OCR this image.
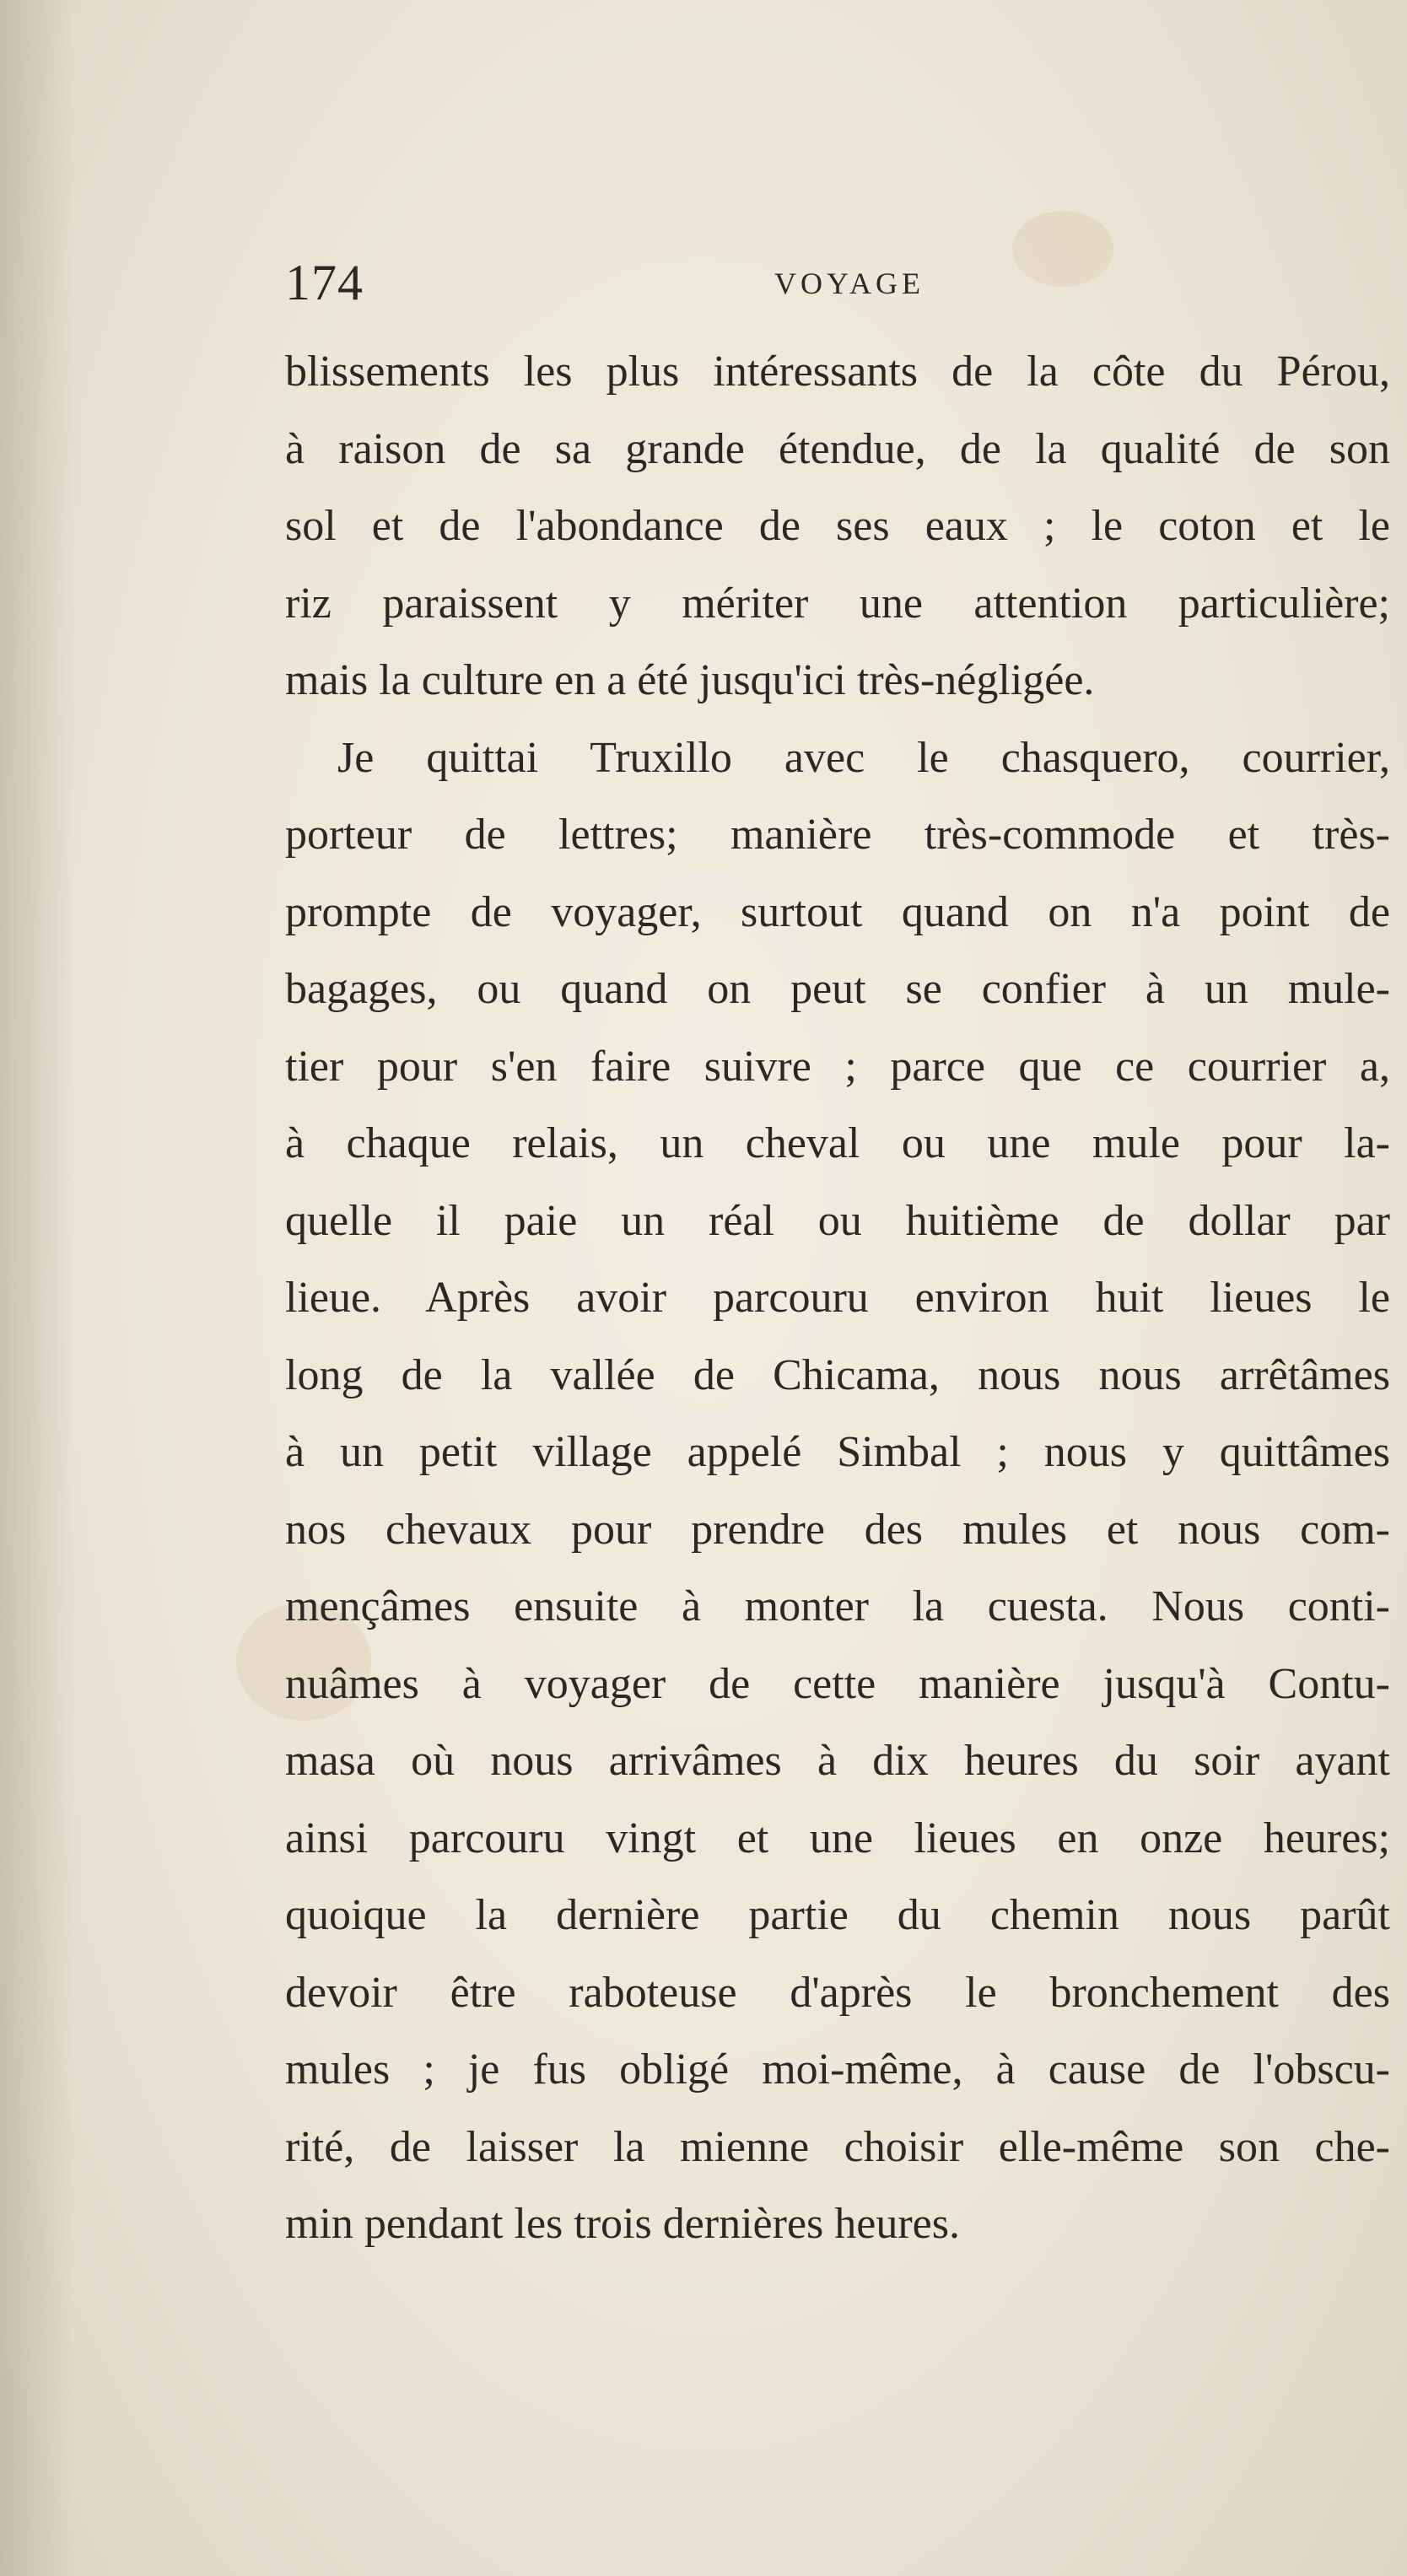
174	VOYAGE
blissements les plus intéressants de la côte du Pérou,
à raison de sa grande étendue, de la qualité de son
sol et de l'abondance de ses eaux ; le coton et le
riz paraissent y mériter une attention particulière;
mais la culture en a été jusqu'ici très-négligée.
Je quittai Truxillo avec le chasquero, courrier,
porteur de lettres; manière très-commode et très-
prompte de voyager, surtout quand on n'a point de
bagages, ou quand on peut se confier à un mule-
tier pour s'en faire suivre ; parce que ce courrier a,
à chaque relais, un cheval ou une mule pour la-
quelle il paie un réal ou huitième de dollar par
lieue. Après avoir parcouru environ huit lieues le
long de la vallée de Chicama, nous nous arrêtâmes
à un petit village appelé Simbal ; nous y quittâmes
nos chevaux pour prendre des mules et nous com-
mençâmes ensuite à monter la cuesta. Nous conti-
nuâmes à voyager de cette manière jusqu'à Contu-
masa où nous arrivâmes à dix heures du soir ayant
ainsi parcouru vingt et une lieues en onze heures;
quoique la dernière partie du chemin nous parût
devoir être raboteuse d'après le bronchement des
mules ; je fus obligé moi-même, à cause de l'obscu-
rité, de laisser la mienne choisir elle-même son che-
min pendant les trois dernières heures.
